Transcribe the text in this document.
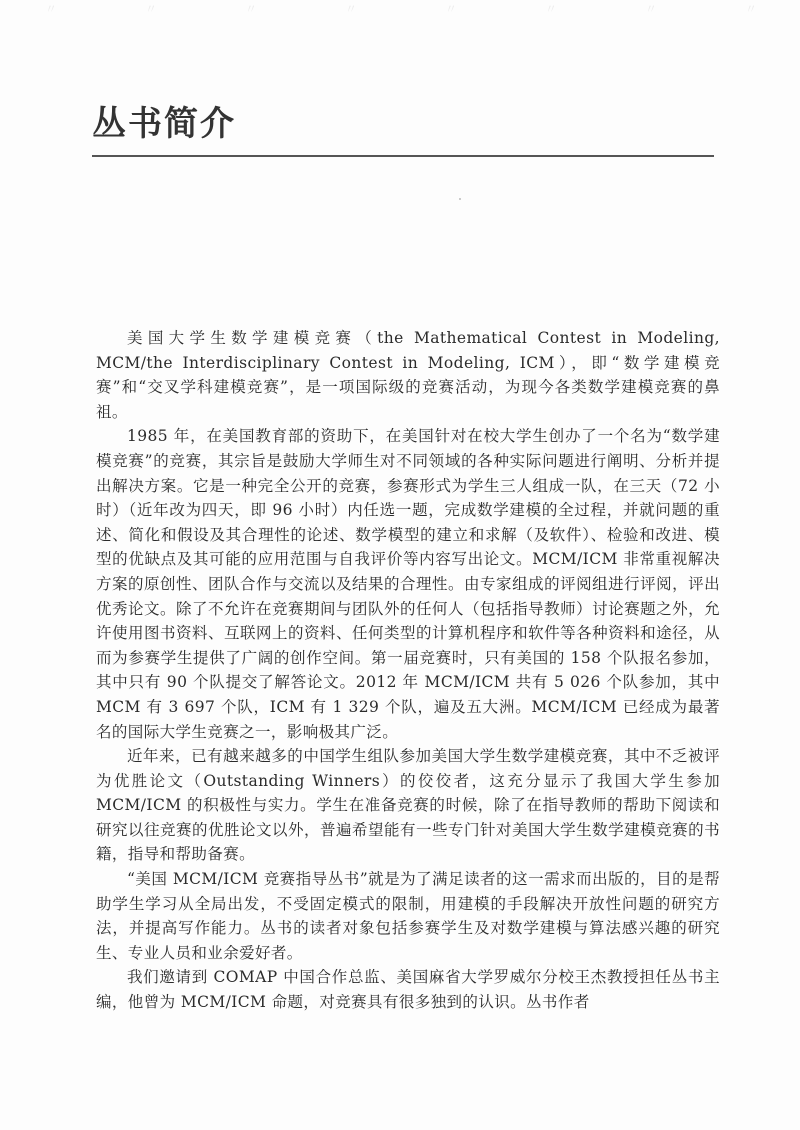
〃	〃	〃	〃	〃	〃	〃	〃
丛书简介

美国大学生数学建模竞赛（the Mathematical Contest in Modeling, MCM/the Interdisciplinary Contest in Modeling, ICM），即“数学建模竞赛”和“交叉学科建模竞赛”，是一项国际级的竞赛活动，为现今各类数学建模竞赛的鼻祖。

1985 年，在美国教育部的资助下，在美国针对在校大学生创办了一个名为“数学建模竞赛”的竞赛，其宗旨是鼓励大学师生对不同领域的各种实际问题进行阐明、分析并提出解决方案。它是一种完全公开的竞赛，参赛形式为学生三人组成一队，在三天（72 小时）（近年改为四天，即 96 小时）内任选一题，完成数学建模的全过程，并就问题的重述、简化和假设及其合理性的论述、数学模型的建立和求解（及软件）、检验和改进、模型的优缺点及其可能的应用范围与自我评价等内容写出论文。MCM/ICM 非常重视解决方案的原创性、团队合作与交流以及结果的合理性。由专家组成的评阅组进行评阅，评出优秀论文。除了不允许在竞赛期间与团队外的任何人（包括指导教师）讨论赛题之外，允许使用图书资料、互联网上的资料、任何类型的计算机程序和软件等各种资料和途径，从而为参赛学生提供了广阔的创作空间。第一届竞赛时，只有美国的 158 个队报名参加，其中只有 90 个队提交了解答论文。2012 年 MCM/ICM 共有 5 026 个队参加，其中 MCM 有 3 697 个队，ICM 有 1 329 个队，遍及五大洲。MCM/ICM 已经成为最著名的国际大学生竞赛之一，影响极其广泛。

近年来，已有越来越多的中国学生组队参加美国大学生数学建模竞赛，其中不乏被评为优胜论文（Outstanding Winners）的佼佼者，这充分显示了我国大学生参加 MCM/ICM 的积极性与实力。学生在准备竞赛的时候，除了在指导教师的帮助下阅读和研究以往竞赛的优胜论文以外，普遍希望能有一些专门针对美国大学生数学建模竞赛的书籍，指导和帮助备赛。

“美国 MCM/ICM 竞赛指导丛书”就是为了满足读者的这一需求而出版的，目的是帮助学生学习从全局出发，不受固定模式的限制，用建模的手段解决开放性问题的研究方法，并提高写作能力。丛书的读者对象包括参赛学生及对数学建模与算法感兴趣的研究生、专业人员和业余爱好者。

我们邀请到 COMAP 中国合作总监、美国麻省大学罗威尔分校王杰教授担任丛书主编，他曾为 MCM/ICM 命题，对竞赛具有很多独到的认识。丛书作者
